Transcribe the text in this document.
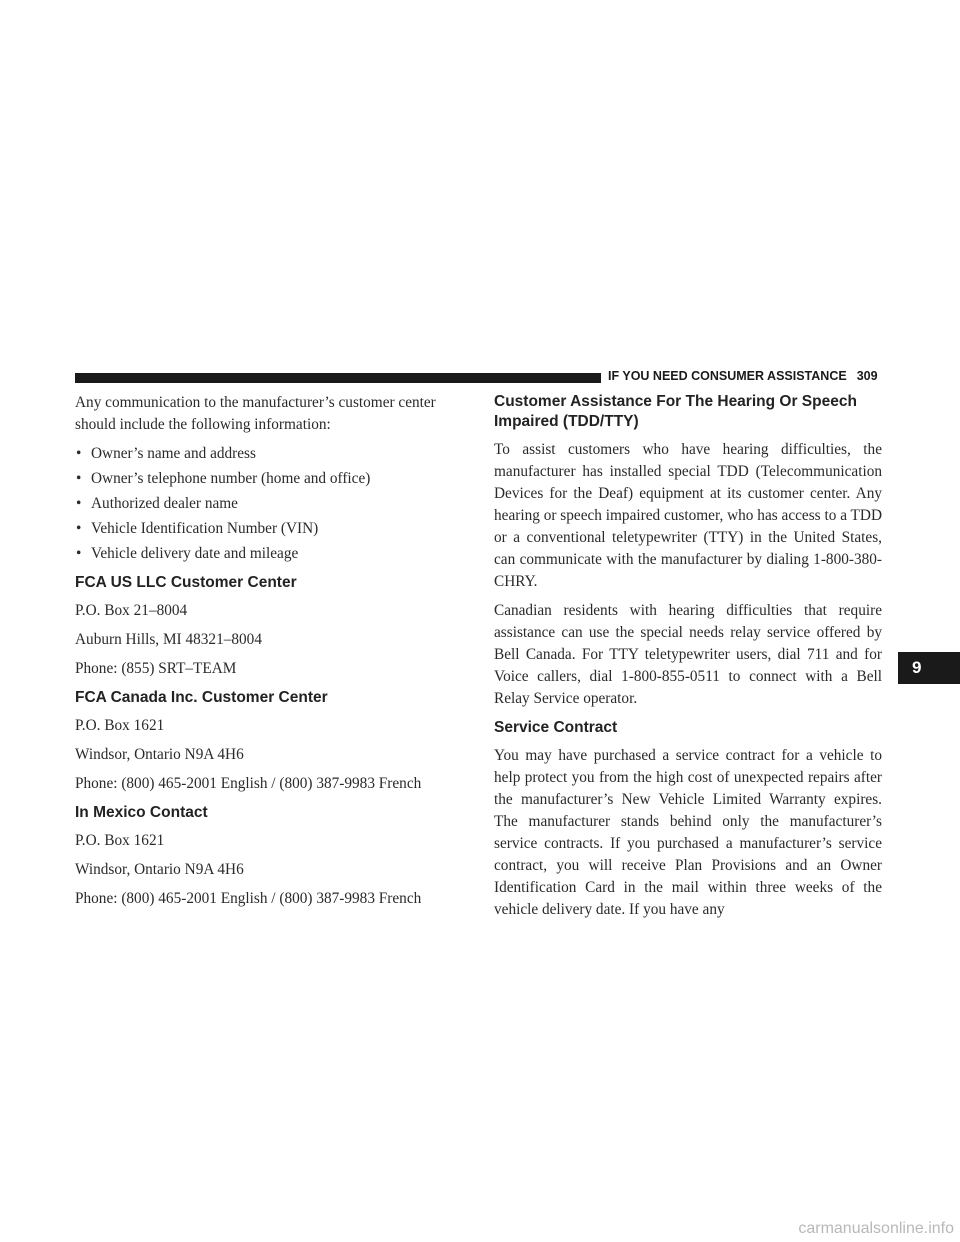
IF YOU NEED CONSUMER ASSISTANCE 309

Any communication to the manufacturer’s customer center should include the following information:

• Owner’s name and address
• Owner’s telephone number (home and office)
• Authorized dealer name
• Vehicle Identification Number (VIN)
• Vehicle delivery date and mileage
FCA US LLC Customer Center

P.O. Box 21–8004

Auburn Hills, MI 48321–8004

Phone: (855) SRT–TEAM

FCA Canada Inc. Customer Center

P.O. Box 1621

Windsor, Ontario N9A 4H6

Phone: (800) 465-2001 English / (800) 387-9983 French

In Mexico Contact

P.O. Box 1621

Windsor, Ontario N9A 4H6

Phone: (800) 465-2001 English / (800) 387-9983 French

Customer Assistance For The Hearing Or Speech Impaired (TDD/TTY)

To assist customers who have hearing difficulties, the manufacturer has installed special TDD (Telecommunication Devices for the Deaf) equipment at its customer center. Any hearing or speech impaired customer, who has access to a TDD or a conventional teletypewriter (TTY) in the United States, can communicate with the manufacturer by dialing 1-800-380-CHRY.

Canadian residents with hearing difficulties that require assistance can use the special needs relay service offered by Bell Canada. For TTY teletypewriter users, dial 711 and for Voice callers, dial 1-800-855-0511 to connect with a Bell Relay Service operator.

Service Contract

You may have purchased a service contract for a vehicle to help protect you from the high cost of unexpected repairs after the manufacturer’s New Vehicle Limited Warranty expires. The manufacturer stands behind only the manufacturer’s service contracts. If you purchased a manufacturer’s service contract, you will receive Plan Provisions and an Owner Identification Card in the mail within three weeks of the vehicle delivery date. If you have any

9
carmanualsonline.info
